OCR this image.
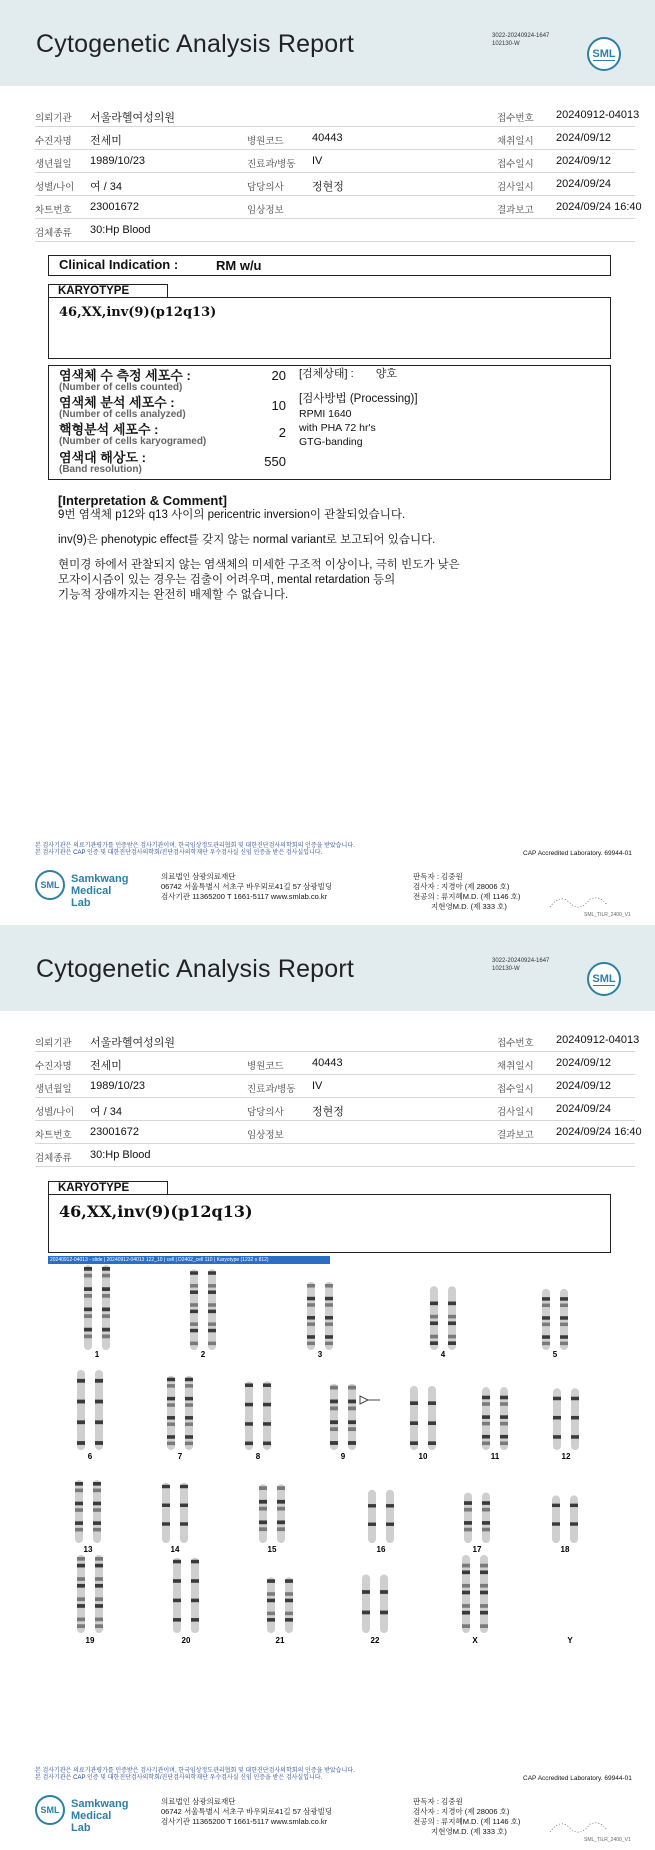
Cytogenetic Analysis Report	3022-20240924-1647
102130-W
SML
의뢰기관 서울라헬여성의원	접수번호 20240912-04013
수진자명 전세미	병원코드	40443	채취일시 2024/09/12
생년월일 1989/10/23	진료과/병동 IV	접수일시 2024/09/12
성별/나이 여 / 34	담당의사	정현정	검사일시 2024/09/24
차트번호 23001672	임상정보	결과보고 2024/09/24 16:40
검체종류 30:Hp Blood
Clinical Indication :	RM w/u
KARYOTYPE
46,XX,inv(9)(p12q13)
염색체 수 측정 세포수 :
(Number of cells counted)
20
염색체 분석 세포수 :
(Number of cells analyzed)
10
핵형분석 세포수 :
(Number of cells karyogramed)
2
염색대 해상도 :
(Band resolution)
550
[검체상태] : 양호
[검사방법 (Processing)]
RPMI 1640
with PHA 72 hr's
GTG-banding
[Interpretation & Comment]
9번 염색체 p12와 q13 사이의 pericentric inversion이 관찰되었습니다.
inv(9)은 phenotypic effect를 갖지 않는 normal variant로 보고되어 있습니다.
현미경 하에서 관찰되지 않는 염색체의 미세한 구조적 이상이나, 극히 빈도가 낮은
모자이시즘이 있는 경우는 검출이 어려우며, mental retardation 등의
기능적 장애까지는 완전히 배제할 수 없습니다.
본 검사기관은 의료기관평가를 인증받은 검사기관이며, 한국임상정도관리협회 및 대한진단검사의학회의 인증을 받았습니다.
본 검사기관은 CAP 인증 및 대한진단검사의학회/진단검사의학재단 우수검사실 신임 인증을 받은 검사실입니다.	CAP Accredited Laboratory. 69944-01
SML	Samkwang
Medical Lab
의료법인 삼광의료재단
06742 서울특별시 서초구 바우뫼로41길 57 삼광빌딩
검사기관 11365200 T 1661-5117 www.smlab.co.kr
판독자 : 김중원
검사자 : 지경아 (제 28006 호)
전공의 : 류지혜M.D. (제 1146 호)
지현영M.D. (제 333 호)
SML_TILR_2400_V1
Cytogenetic Analysis Report	3022-20240924-1647
102130-W
SML
의뢰기관 서울라헬여성의원	접수번호 20240912-04013
수진자명 전세미	병원코드	40443	채취일시 2024/09/12
생년월일 1989/10/23	진료과/병동 IV	접수일시 2024/09/12
성별/나이 여 / 34	담당의사	정현정	검사일시 2024/09/24
차트번호 23001672	임상정보	결과보고 2024/09/24 16:40
검체종류 30:Hp Blood
KARYOTYPE
46,XX,inv(9)(p12q13)
20240912-04013 - slide | 20240912-04013 122_10 | cell | D2402_cell 110 | Karyotype (1232 x 812)
1	2	3	4	5
6	7	8	9	10	11	12
13	14	15	16	17	18
19	20	21	22	X	Y
본 검사기관은 의료기관평가를 인증받은 검사기관이며, 한국임상정도관리협회 및 대한진단검사의학회의 인증을 받았습니다.
본 검사기관은 CAP 인증 및 대한진단검사의학회/진단검사의학재단 우수검사실 신임 인증을 받은 검사실입니다.	CAP Accredited Laboratory. 69944-01
SML	Samkwang
Medical Lab
의료법인 삼광의료재단
06742 서울특별시 서초구 바우뫼로41길 57 삼광빌딩
검사기관 11365200 T 1661-5117 www.smlab.co.kr
판독자 : 김중원
검사자 : 지경아 (제 28006 호)
전공의 : 류지혜M.D. (제 1146 호)
지현영M.D. (제 333 호)
SML_TILR_2400_V1
